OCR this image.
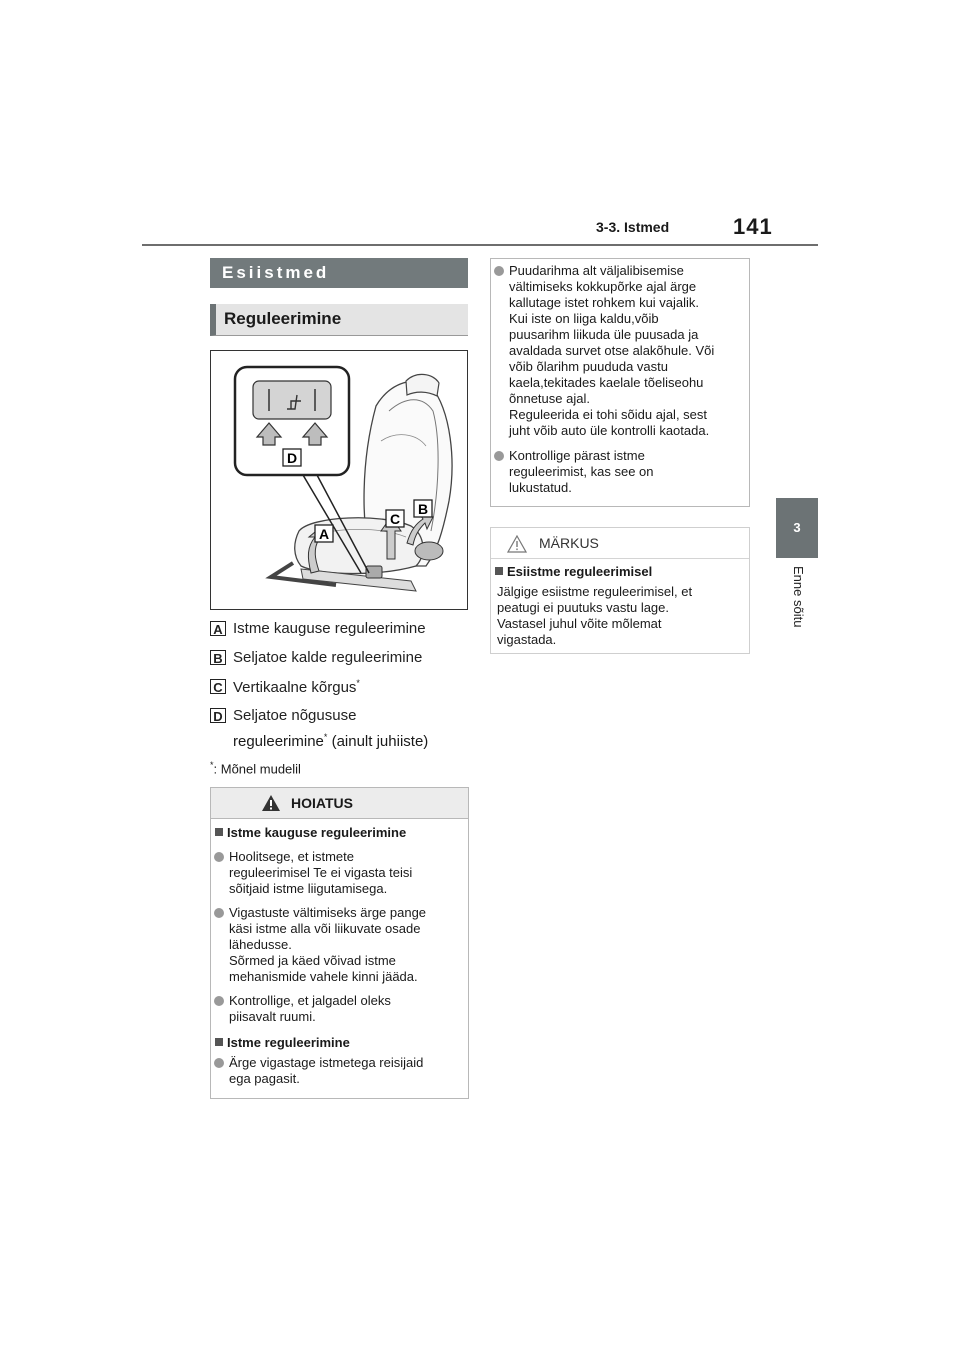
3-3. Istmed	141
3
Enne sõitu
Esiistmed
Reguleerimine
D
A
C
B
A Istme kauguse reguleerimine
B Seljatoe kalde reguleerimine
C Vertikaalne kõrgus*
D Seljatoe nõgususe
reguleerimine* (ainult juhiiste)
*: Mõnel mudelil
HOIATUS
Istme kauguse reguleerimine
Hoolitsege, et istmete
reguleerimisel Te ei vigasta teisi
sõitjaid istme liigutamisega.
Vigastuste vältimiseks ärge pange
käsi istme alla või liikuvate osade
lähedusse.
Sõrmed ja käed võivad istme
mehanismide vahele kinni jääda.
Kontrollige, et jalgadel oleks
piisavalt ruumi.
Istme reguleerimine
Ärge vigastage istmetega reisijaid
ega pagasit.
Puudarihma alt väljalibisemise
vältimiseks kokkupõrke ajal ärge
kallutage istet rohkem kui vajalik.
Kui iste on liiga kaldu,võib
puusarihm liikuda üle puusada ja
avaldada survet otse alakõhule. Või
võib õlarihm puududa vastu
kaela,tekitades kaelale tõeliseohu
õnnetuse ajal.
Reguleerida ei tohi sõidu ajal, sest
juht võib auto üle kontrolli kaotada.
Kontrollige pärast istme
reguleerimist, kas see on
lukustatud.
MÄRKUS
Esiistme reguleerimisel
Jälgige esiistme reguleerimisel, et
peatugi ei puutuks vastu lage.
Vastasel juhul võite mõlemat
vigastada.
